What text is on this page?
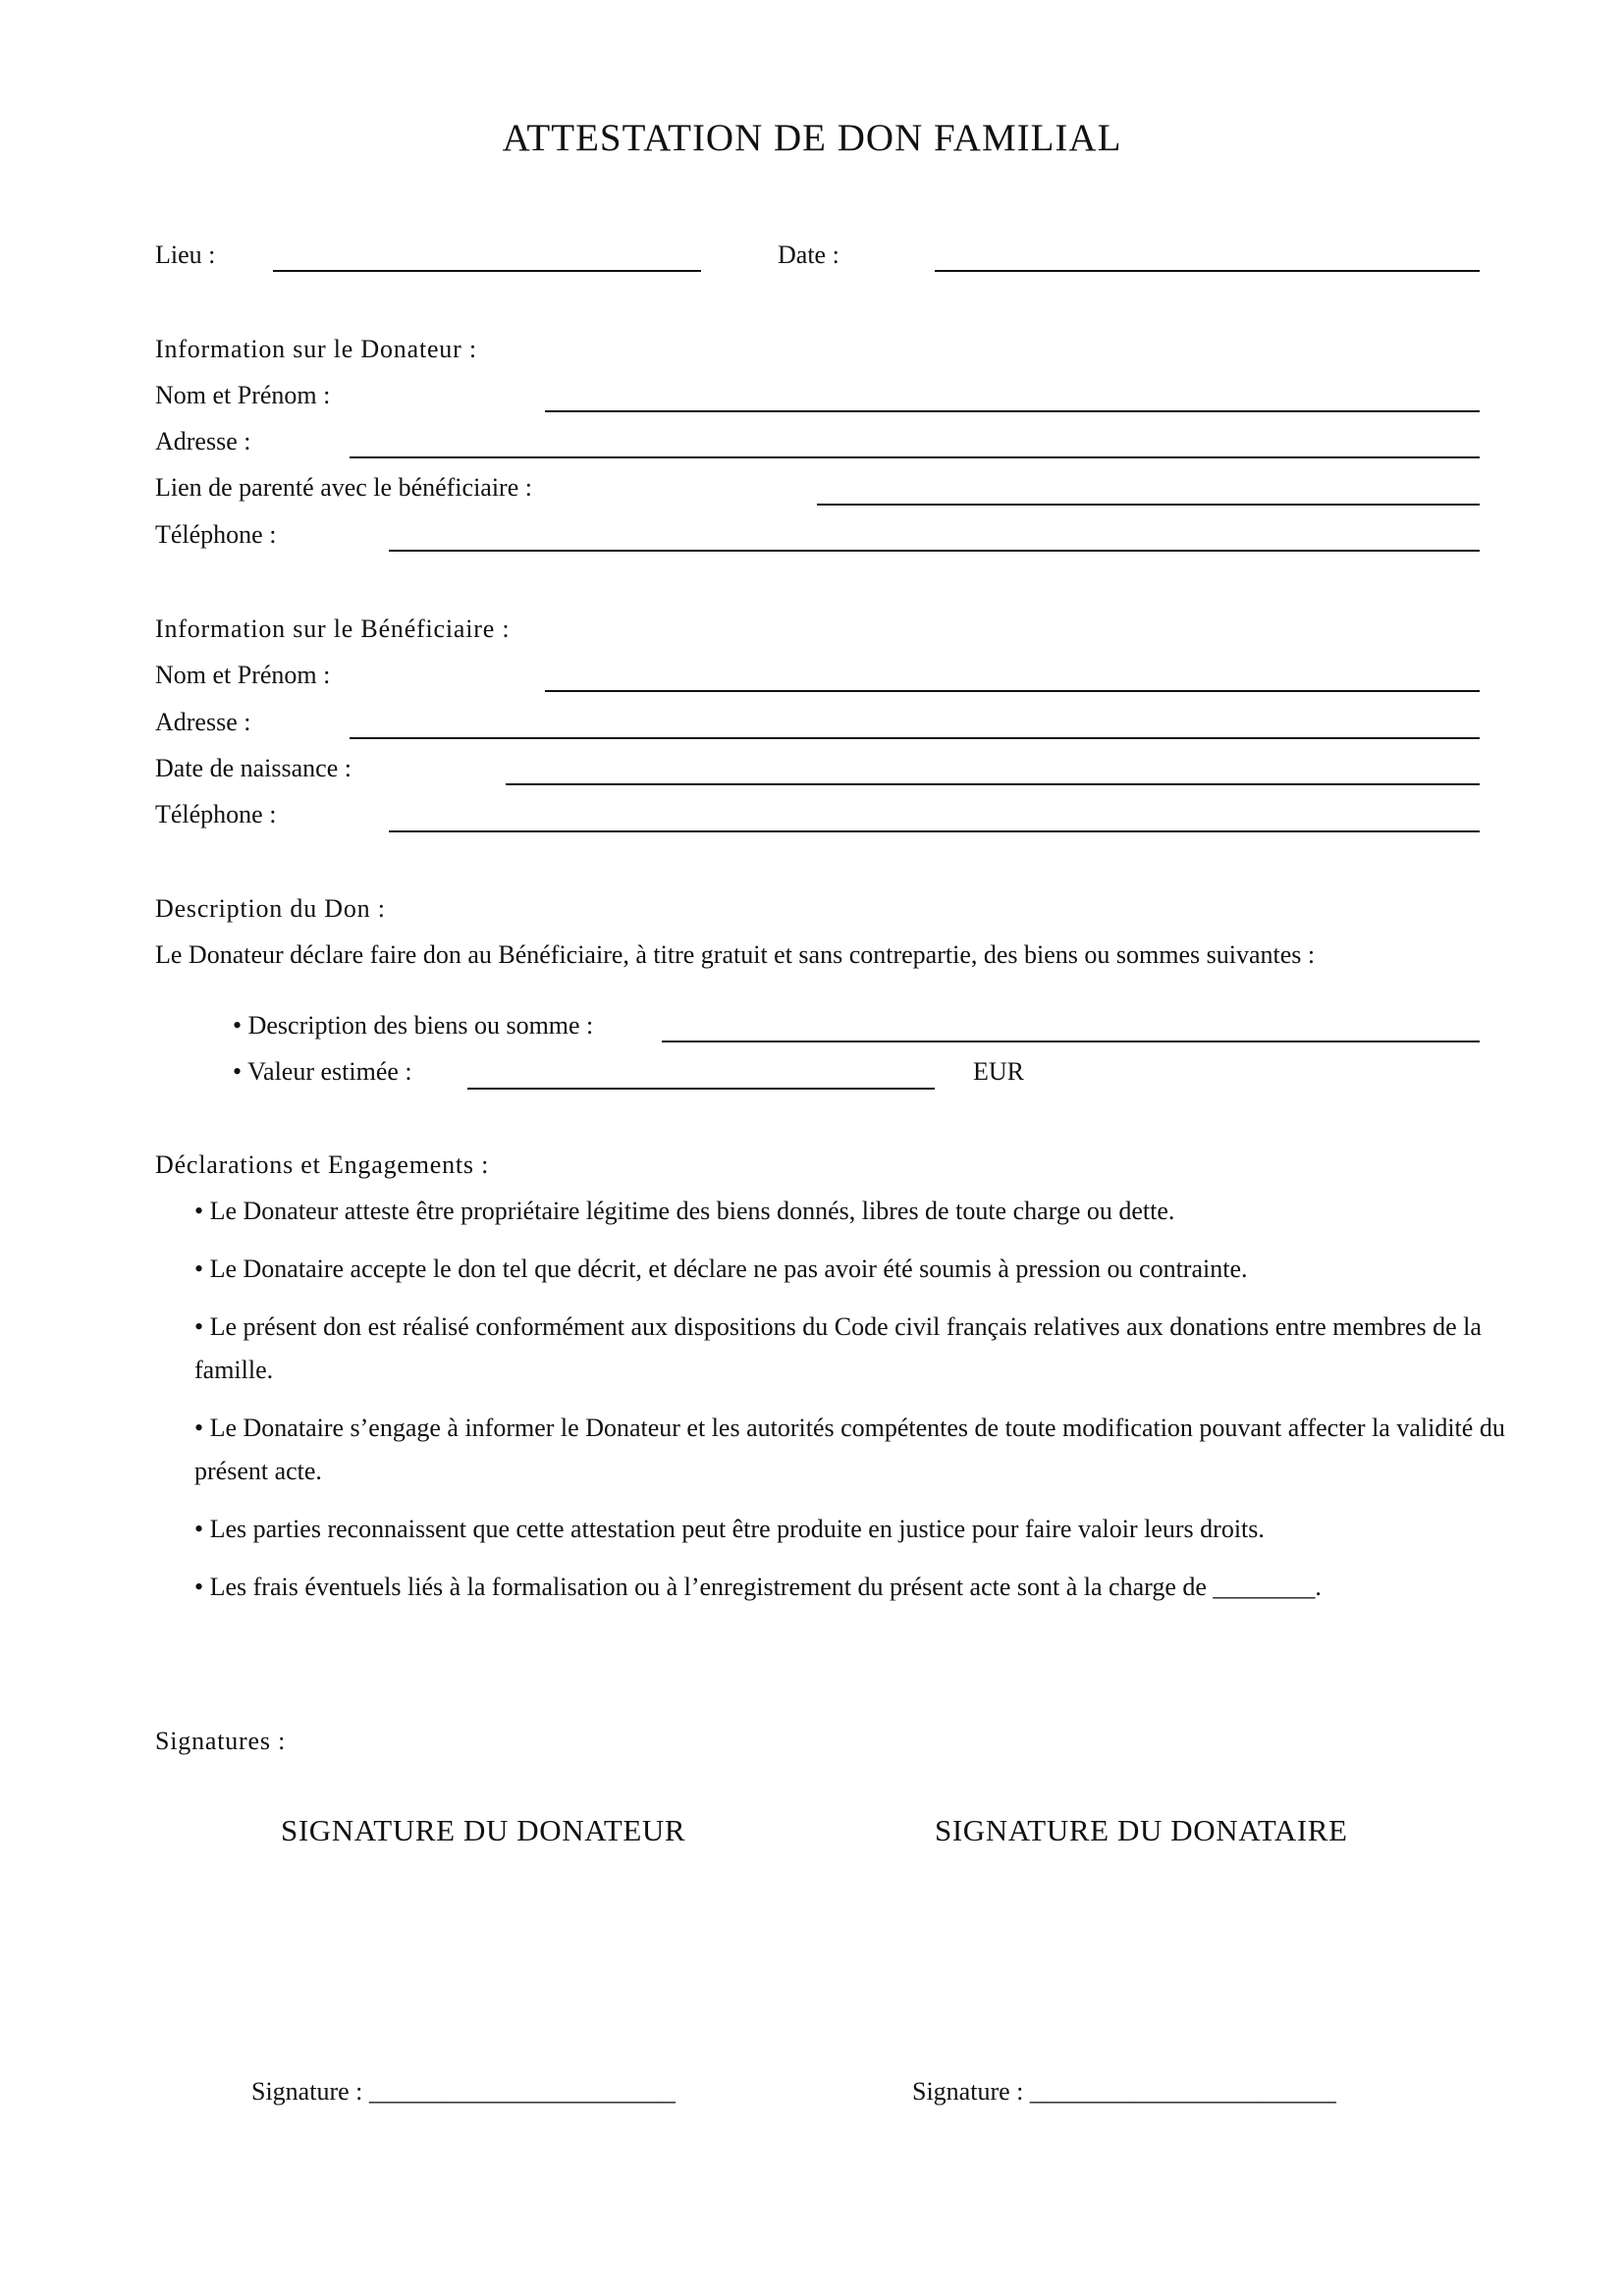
ATTESTATION DE DON FAMILIAL
Lieu :	Date :
Information sur le Donateur :
Nom et Prénom :
Adresse :
Lien de parenté avec le bénéficiaire :
Téléphone :
Information sur le Bénéficiaire :
Nom et Prénom :
Adresse :
Date de naissance :
Téléphone :
Description du Don :
Le Donateur déclare faire don au Bénéficiaire, à titre gratuit et sans contrepartie, des biens ou sommes suivantes :
• Description des biens ou somme :
• Valeur estimée :	EUR
Déclarations et Engagements :
• Le Donateur atteste être propriétaire légitime des biens donnés, libres de toute charge ou dette.
• Le Donataire accepte le don tel que décrit, et déclare ne pas avoir été soumis à pression ou contrainte.
• Le présent don est réalisé conformément aux dispositions du Code civil français relatives aux donations entre membres de la famille.
• Le Donataire s’engage à informer le Donateur et les autorités compétentes de toute modification pouvant affecter la validité du présent acte.
• Les parties reconnaissent que cette attestation peut être produite en justice pour faire valoir leurs droits.
• Les frais éventuels liés à la formalisation ou à l’enregistrement du présent acte sont à la charge de ________.
Signatures :
SIGNATURE DU DONATEUR	SIGNATURE DU DONATAIRE
Signature : ________________________	Signature : ________________________
